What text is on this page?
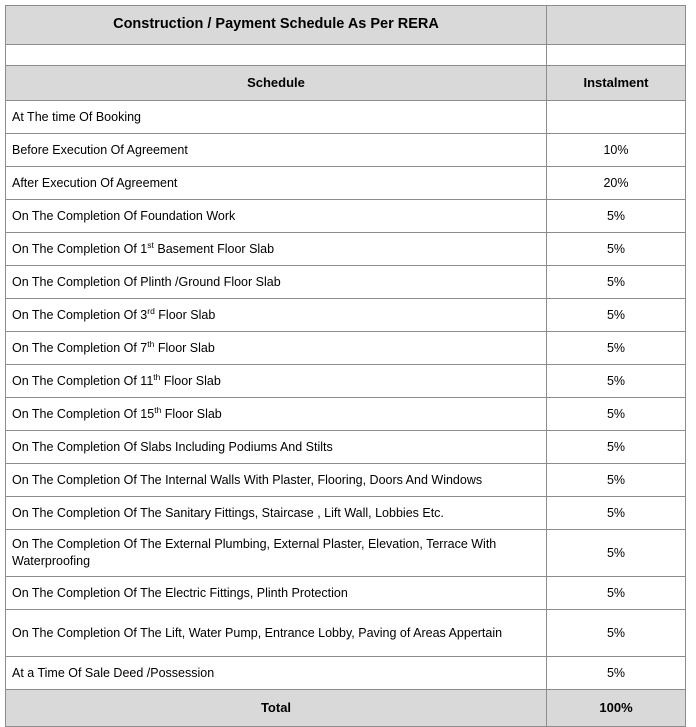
Construction / Payment Schedule As Per RERA	

Schedule	Instalment
At The time Of Booking	
Before Execution Of Agreement	10%
After Execution Of Agreement	20%
On The Completion Of Foundation Work	5%
On The Completion Of 1st Basement Floor Slab	5%
On The Completion Of Plinth /Ground Floor Slab	5%
On The Completion Of 3rd Floor Slab	5%
On The Completion Of 7th Floor Slab	5%
On The Completion Of 11th Floor Slab	5%
On The Completion Of 15th Floor Slab	5%
On The Completion Of Slabs Including Podiums And Stilts	5%
On The Completion Of The Internal Walls With Plaster, Flooring, Doors And Windows	5%
On The Completion Of The Sanitary Fittings, Staircase , Lift Wall, Lobbies Etc.	5%
On The Completion Of The External Plumbing, External Plaster, Elevation, Terrace With Waterproofing	5%
On The Completion Of The Electric Fittings, Plinth Protection	5%
On The Completion Of The Lift, Water Pump, Entrance Lobby, Paving of Areas Appertain	5%
At a Time Of Sale Deed /Possession	5%
Total	100%
